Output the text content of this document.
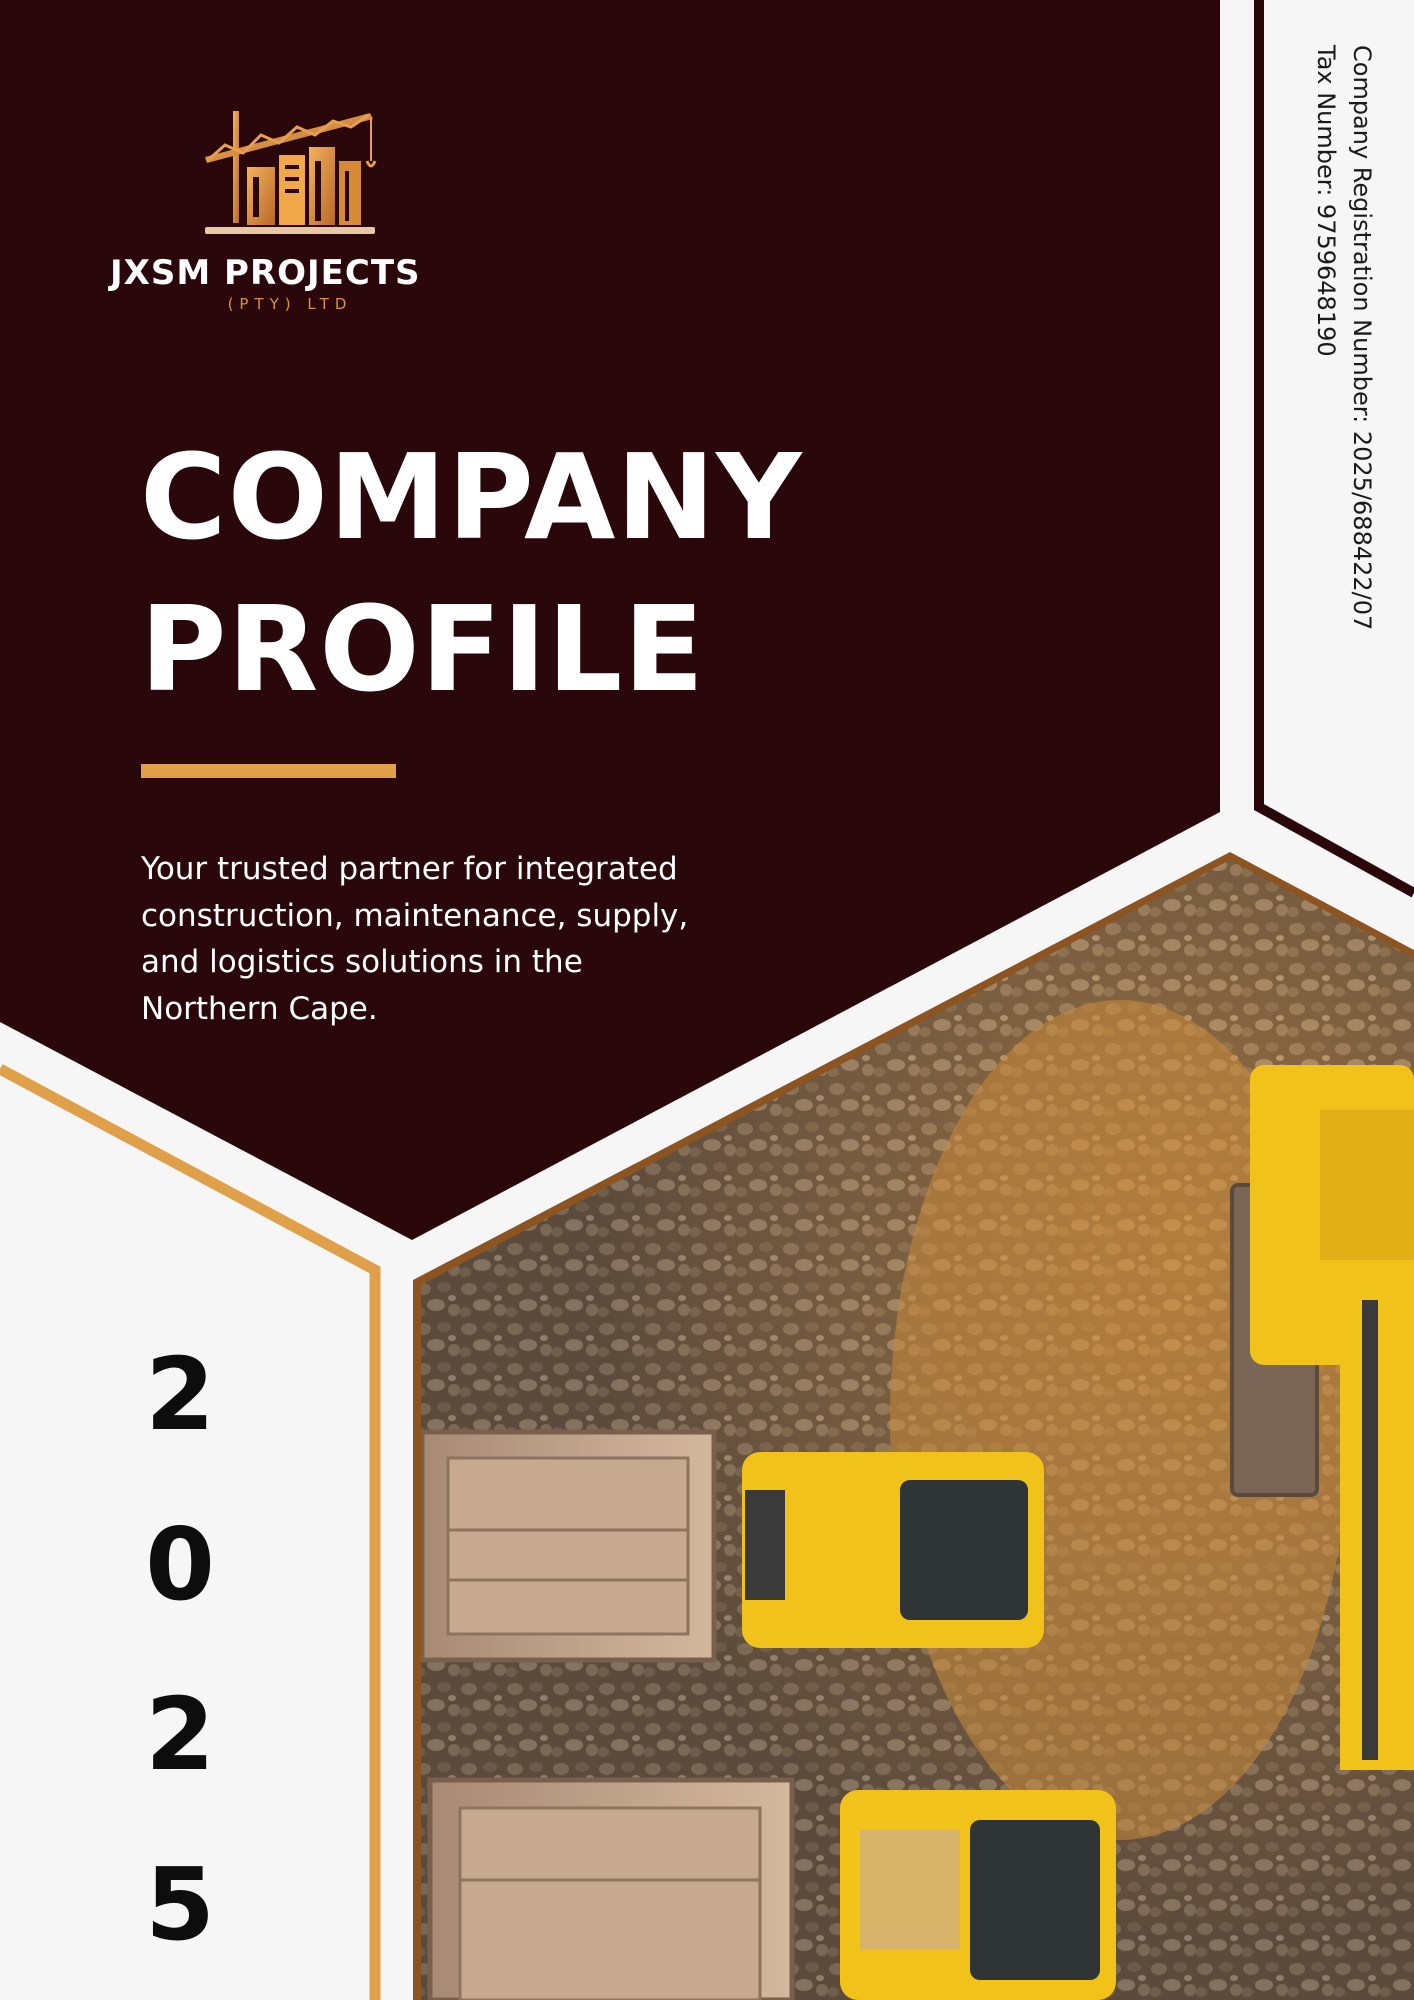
JXSM PROJECTS
(PTY) LTD
COMPANY
PROFILE
Your trusted partner for integrated
construction, maintenance, supply,
and logistics solutions in the
Northern Cape.
2
0
2
5
Company Registration Number: 2025/688422/07
Tax Number: 9759648190
